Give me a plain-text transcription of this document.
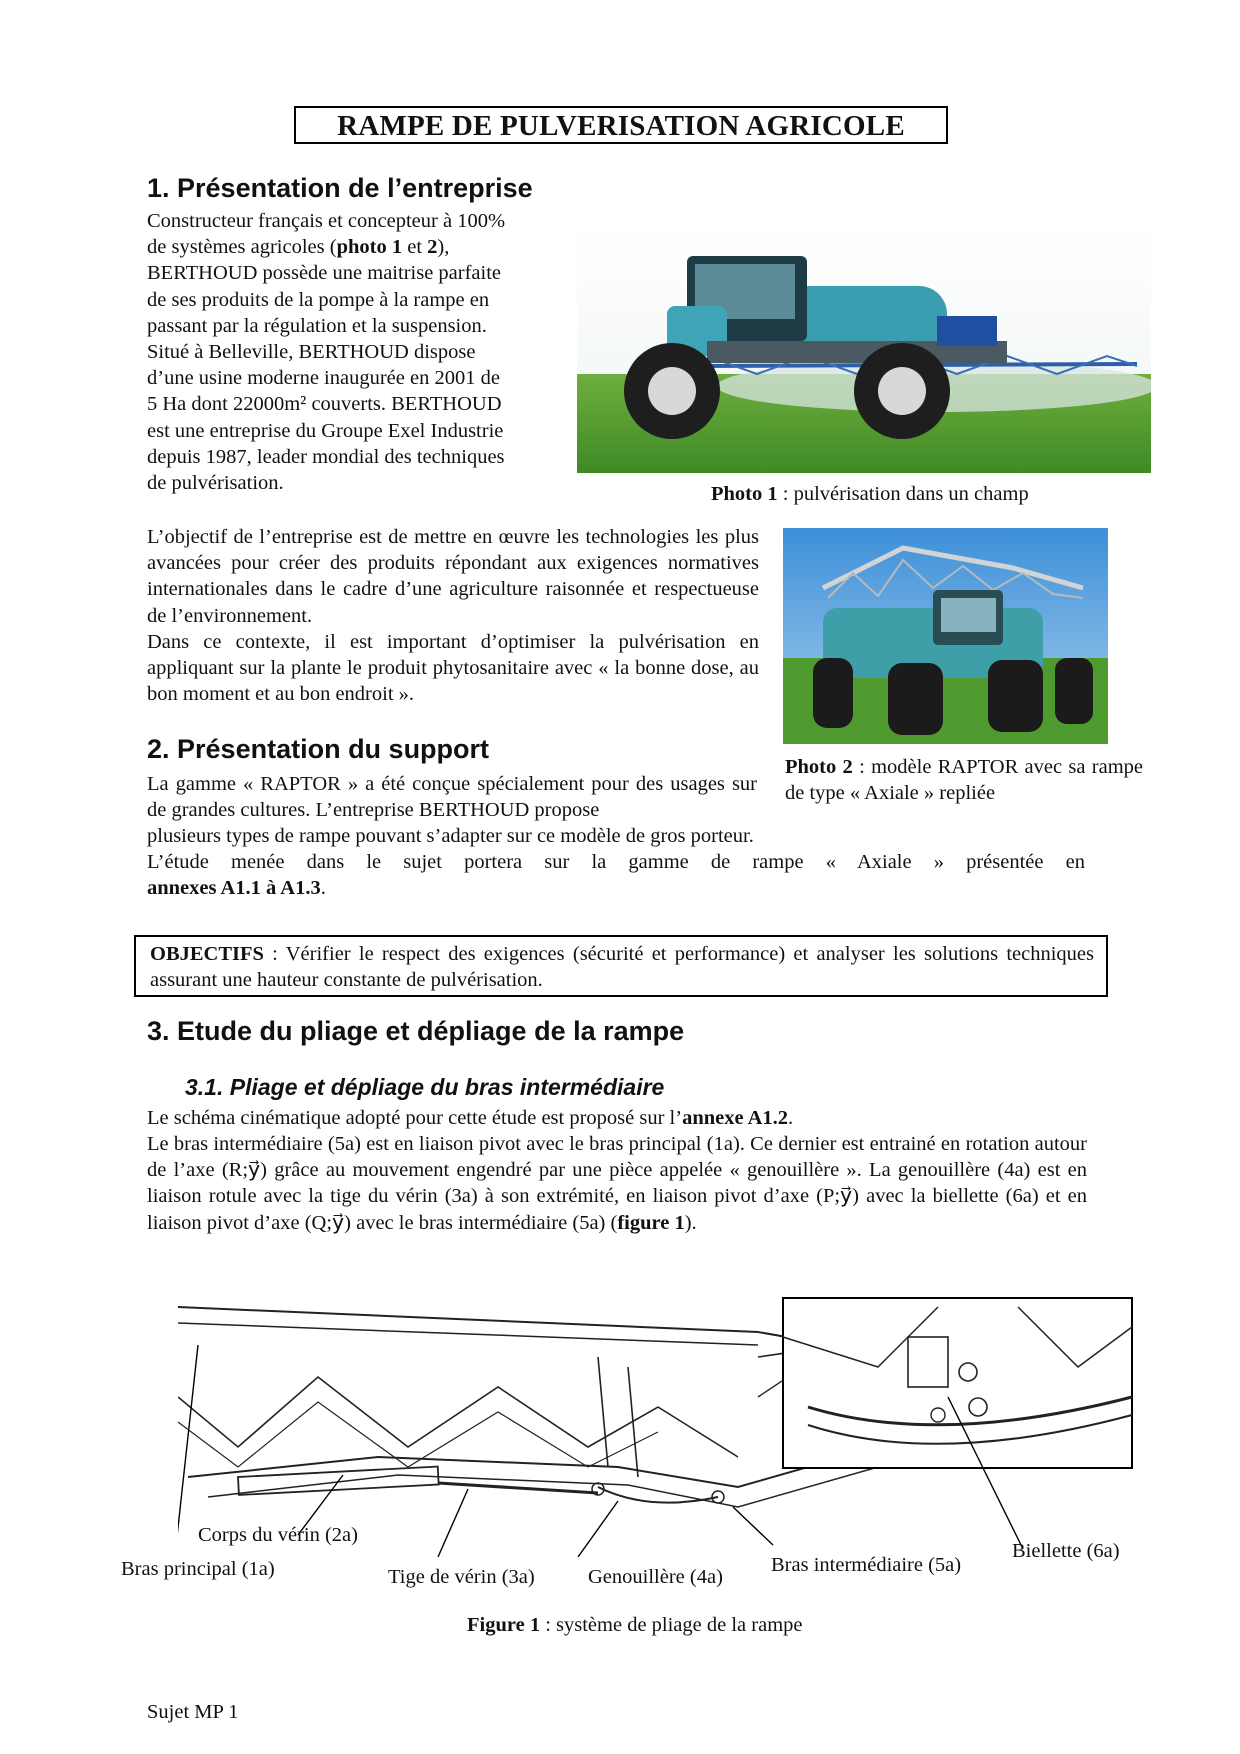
RAMPE DE PULVERISATION AGRICOLE
1. Présentation de l’entreprise
Constructeur français et concepteur à 100%
de systèmes agricoles (photo 1 et 2),
BERTHOUD possède une maitrise parfaite
de ses produits de la pompe à la rampe en
passant par la régulation et la suspension.
Situé à Belleville, BERTHOUD dispose
d’une usine moderne inaugurée en 2001 de
5 Ha dont 22000m² couverts. BERTHOUD
est une entreprise du Groupe Exel Industrie
depuis 1987, leader mondial des techniques
de pulvérisation.	Photo 1 : pulvérisation dans un champ
L’objectif de l’entreprise est de mettre en œuvre les technologies les plus avancées pour créer des produits répondant aux exigences normatives internationales dans le cadre d’une agriculture raisonnée et respectueuse de l’environnement.
Dans ce contexte, il est important d’optimiser la pulvérisation en appliquant sur la plante le produit phytosanitaire avec « la bonne dose, au bon moment et au bon endroit ».
Photo 2 : modèle RAPTOR avec sa rampe de type « Axiale » repliée
2. Présentation du support
La gamme « RAPTOR » a été conçue spécialement pour des usages sur de grandes cultures. L’entreprise BERTHOUD propose
plusieurs types de rampe pouvant s’adapter sur ce modèle de gros porteur.
L’étude menée dans le sujet portera sur la gamme de rampe « Axiale » présentée en
annexes A1.1 à A1.3.
OBJECTIFS : Vérifier le respect des exigences (sécurité et performance) et analyser les solutions techniques assurant une hauteur constante de pulvérisation.
3. Etude du pliage et dépliage de la rampe
3.1. Pliage et dépliage du bras intermédiaire
Le schéma cinématique adopté pour cette étude est proposé sur l’annexe A1.2.
Le bras intermédiaire (5a) est en liaison pivot avec le bras principal (1a). Ce dernier est entrainé en rotation autour de l’axe (R;y⃗) grâce au mouvement engendré par une pièce appelée « genouillère ». La genouillère (4a) est en liaison rotule avec la tige du vérin (3a) à son extrémité, en liaison pivot d’axe (P;y⃗) avec la biellette (6a) et en liaison pivot d’axe (Q;y⃗) avec le bras intermédiaire (5a) (figure 1).
Corps du vérin (2a)
Bras principal (1a)	Tige de vérin (3a)	Genouillère (4a)
Bras intermédiaire (5a)
Biellette (6a)
Figure 1 : système de pliage de la rampe
Sujet MP 1
